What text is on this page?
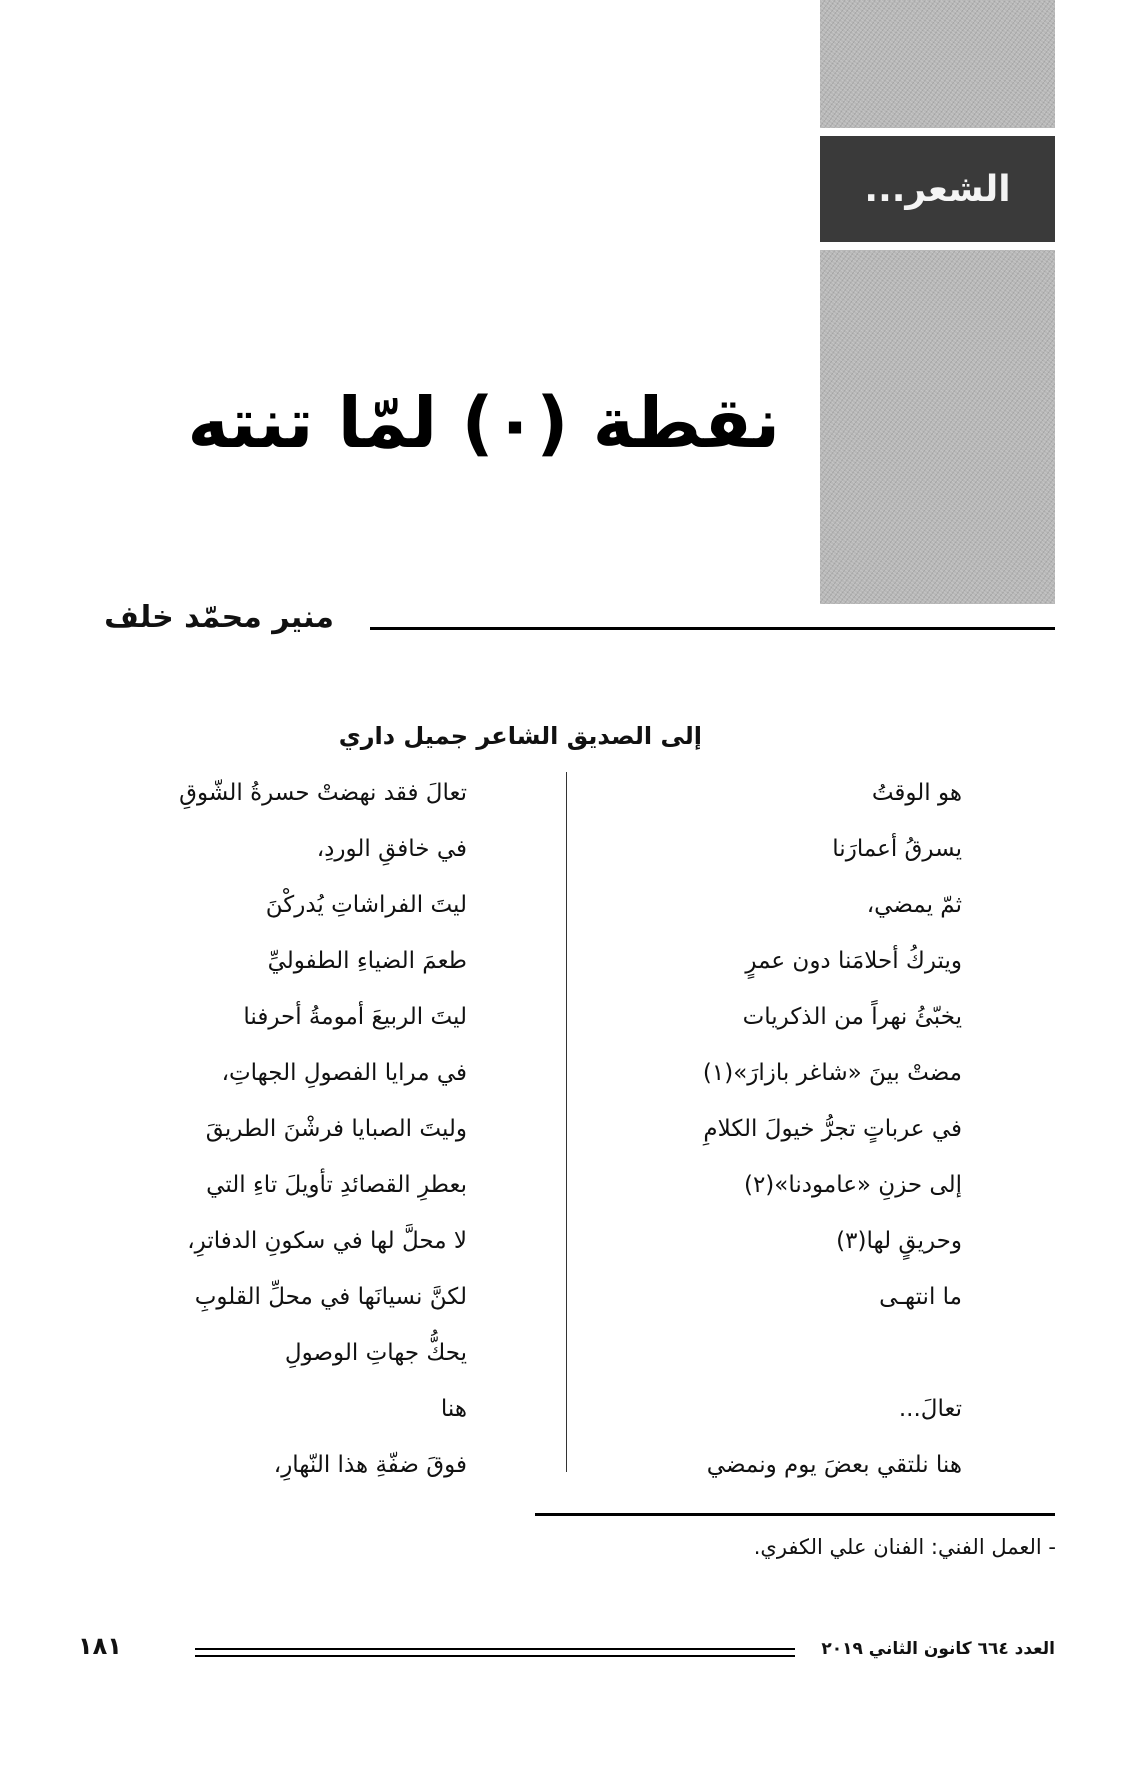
الشعر...
نقطة (٠) لمّا تنته
منير محمّد خلف
إلى الصديق الشاعر جميل داري
هو الوقتُ
يسرقُ أعمارَنا
ثمّ يمضي،
ويتركُ أحلامَنا دون عمرٍ
يخبّئُ نهراً من الذكريات
مضتْ بينَ «شاغر بازارَ»(١)
في عرباتٍ تجرُّ خيولَ الكلامِ
إلى حزنِ «عامودنا»(٢)
وحريقٍ لها(٣)
ما انتهـى
تعالَ...
هنا نلتقي بعضَ يوم ونمضي
تعالَ فقد نهضتْ حسرةُ الشّوقِ
في خافقِ الوردِ،
ليتَ الفراشاتِ يُدركْنَ
طعمَ الضياءِ الطفوليِّ
ليتَ الربيعَ أمومةُ أحرفنا
في مرايا الفصولِ الجهاتِ،
وليتَ الصبايا فرشْنَ الطريقَ
بعطرِ القصائدِ تأويلَ تاءِ التي
لا محلَّ لها في سكونِ الدفاترِ،
لكنَّ نسيانَها في محلِّ القلوبِ
يحكُّ جهاتِ الوصولِ
هنا
فوقَ ضفّةِ هذا النّهارِ،
- العمل الفني: الفنان علي الكفري.
١٨١	العدد ٦٦٤ كانون الثاني ٢٠١٩
